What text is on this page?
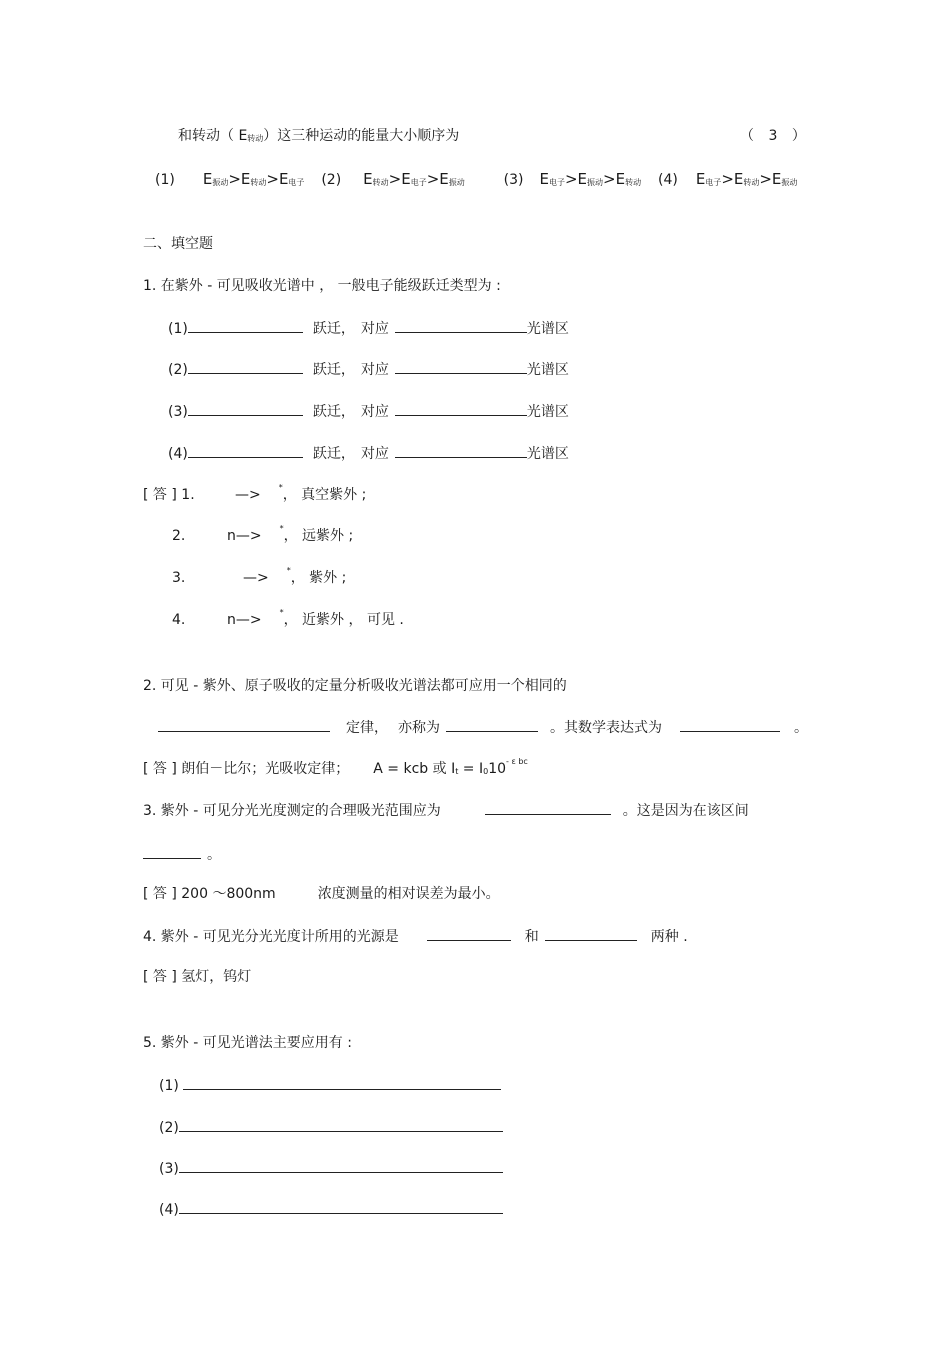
和转动（ E转动）这三种运动的能量大小顺序为	（ 3 ）
(1) E振动>E转动>E电子 (2) E转动>E电子>E振动	(3) E电子>E振动>E转动 (4) E电子>E转动>E振动
二、填空题
1. 在紫外 - 可见吸收光谱中 ， 一般电子能级跃迁类型为 :
(1)	跃迁， 对应	光谱区
(2)	跃迁， 对应	光谱区
(3)	跃迁， 对应	光谱区
(4)	跃迁， 对应	光谱区
[ 答 ] 1.	—> *， 真空紫外 ;
2.	n—> *， 远紫外 ;
3.	—> *， 紫外 ;
4.	n—> *， 近紫外 ， 可见 .
2. 可见 - 紫外、原子吸收的定量分析吸收光谱法都可应用一个相同的
定律， 亦称为	。其数学表达式为	。
[ 答 ] 朗伯－比尔；光吸收定律； A = kcb 或 $It = I010^{- \varepsilon bc}$
3. 紫外 - 可见分光光度测定的合理吸光范围应为	。这是因为在该区间
。
[ 答 ] 200 ～800nm	浓度测量的相对误差为最小。
4. 紫外 - 可见光分光光度计所用的光源是	和	两种 .
[ 答 ] 氢灯，钨灯
5. 紫外 - 可见光谱法主要应用有 :
(1)
(2)
(3)
(4)
